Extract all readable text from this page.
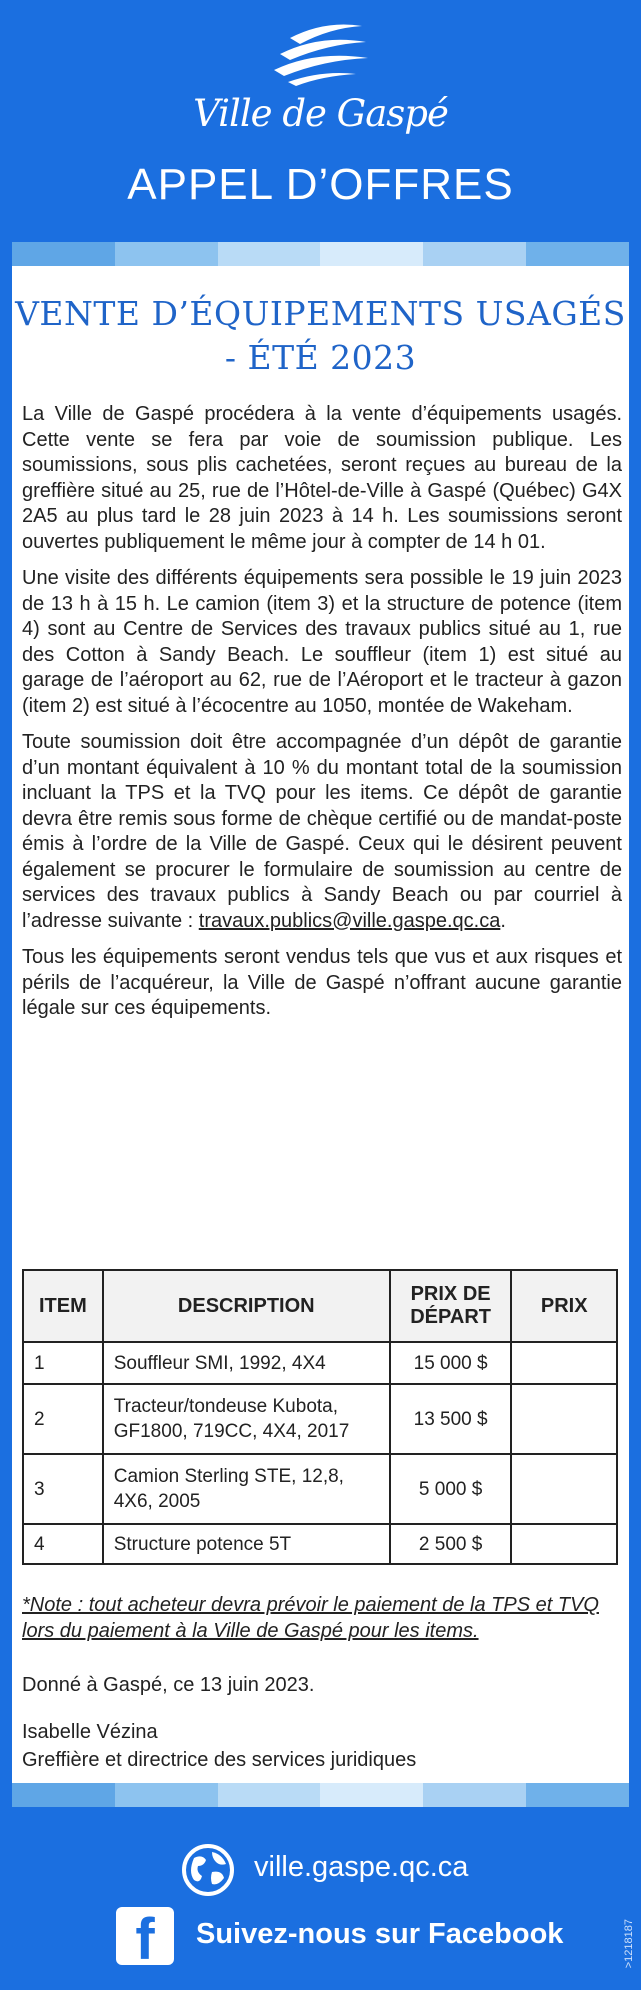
Ville de Gaspé
APPEL D’OFFRES
VENTE D’ÉQUIPEMENTS USAGÉS
- ÉTÉ 2023

La Ville de Gaspé procédera à la vente d’équipements usagés. Cette vente se fera par voie de soumission publique. Les soumissions, sous plis cachetées, seront reçues au bureau de la greffière situé au 25, rue de l’Hôtel-de-Ville à Gaspé (Québec) G4X 2A5 au plus tard le 28 juin 2023 à 14 h. Les soumissions seront ouvertes publiquement le même jour à compter de 14 h 01.

Une visite des différents équipements sera possible le 19 juin 2023 de 13 h à 15 h. Le camion (item 3) et la structure de potence (item 4) sont au Centre de Services des travaux publics situé au 1, rue des Cotton à Sandy Beach. Le souffleur (item 1) est situé au garage de l’aéroport au 62, rue de l’Aéroport et le tracteur à gazon (item 2) est situé à l’écocentre au 1050, montée de Wakeham.

Toute soumission doit être accompagnée d’un dépôt de garantie d’un montant équivalent à 10 % du montant total de la soumission incluant la TPS et la TVQ pour les items. Ce dépôt de garantie devra être remis sous forme de chèque certifié ou de mandat-poste émis à l’ordre de la Ville de Gaspé. Ceux qui le désirent peuvent également se procurer le formulaire de soumission au centre de services des travaux publics à Sandy Beach ou par courriel à l’adresse suivante : travaux.publics@ville.gaspe.qc.ca.

Tous les équipements seront vendus tels que vus et aux risques et périls de l’acquéreur, la Ville de Gaspé n’offrant aucune garantie légale sur ces équipements.

ITEM	DESCRIPTION	PRIX DE DÉPART	PRIX
1	Souffleur SMI, 1992, 4X4	15 000 $	
2	Tracteur/tondeuse Kubota, GF1800, 719CC, 4X4, 2017	13 500 $	
3	Camion Sterling STE, 12,8, 4X6, 2005	5 000 $	
4	Structure potence 5T	2 500 $	
*Note : tout acheteur devra prévoir le paiement de la TPS et TVQ lors du paiement à la Ville de Gaspé pour les items.
Donné à Gaspé, ce 13 juin 2023.
Isabelle Vézina
Greffière et directrice des services juridiques
ville.gaspe.qc.ca
f	Suivez-nous sur Facebook	>1218187
